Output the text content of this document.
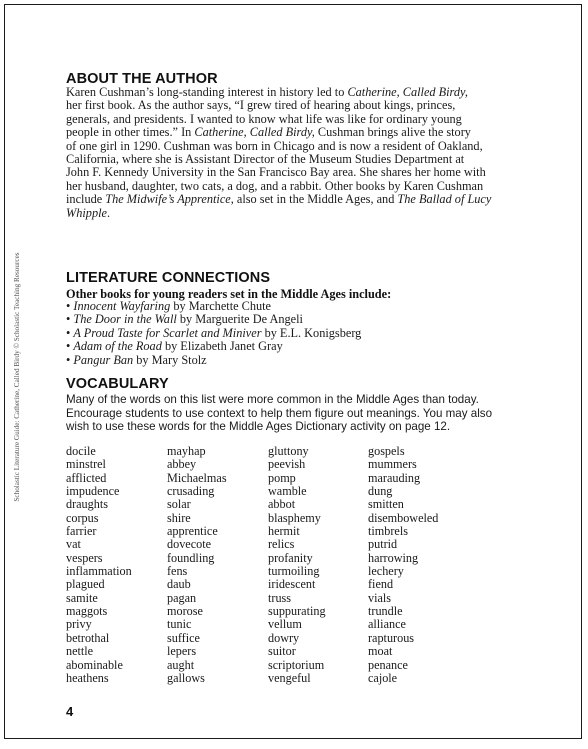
Scholastic Literature Guide: Catherine, Called Birdy © Scholastic Teaching Resources
ABOUT THE AUTHOR

Karen Cushman’s long-standing interest in history led to Catherine, Called Birdy,
her first book. As the author says, “I grew tired of hearing about kings, princes,
generals, and presidents. I wanted to know what life was like for ordinary young
people in other times.” In Catherine, Called Birdy, Cushman brings alive the story
of one girl in 1290. Cushman was born in Chicago and is now a resident of Oakland,
California, where she is Assistant Director of the Museum Studies Department at
John F. Kennedy University in the San Francisco Bay area. She shares her home with
her husband, daughter, two cats, a dog, and a rabbit. Other books by Karen Cushman
include The Midwife’s Apprentice, also set in the Middle Ages, and The Ballad of Lucy
Whipple.

LITERATURE CONNECTIONS

Other books for young readers set in the Middle Ages include:

• Innocent Wayfaring by Marchette Chute
• The Door in the Wall by Marguerite De Angeli
• A Proud Taste for Scarlet and Miniver by E.L. Konigsberg
• Adam of the Road by Elizabeth Janet Gray
• Pangur Ban by Mary Stolz
VOCABULARY

Many of the words on this list were more common in the Middle Ages than today.
Encourage students to use context to help them figure out meanings. You may also
wish to use these words for the Middle Ages Dictionary activity on page 12.

docile
minstrel
afflicted
impudence
draughts
corpus
farrier
vat
vespers
inflammation
plagued
samite
maggots
privy
betrothal
nettle
abominable
heathens
mayhap
abbey
Michaelmas
crusading
solar
shire
apprentice
dovecote
foundling
fens
daub
pagan
morose
tunic
suffice
lepers
aught
gallows
gluttony
peevish
pomp
wamble
abbot
blasphemy
hermit
relics
profanity
turmoiling
iridescent
truss
suppurating
vellum
dowry
suitor
scriptorium
vengeful
gospels
mummers
marauding
dung
smitten
disemboweled
timbrels
putrid
harrowing
lechery
fiend
vials
trundle
alliance
rapturous
moat
penance
cajole

4
